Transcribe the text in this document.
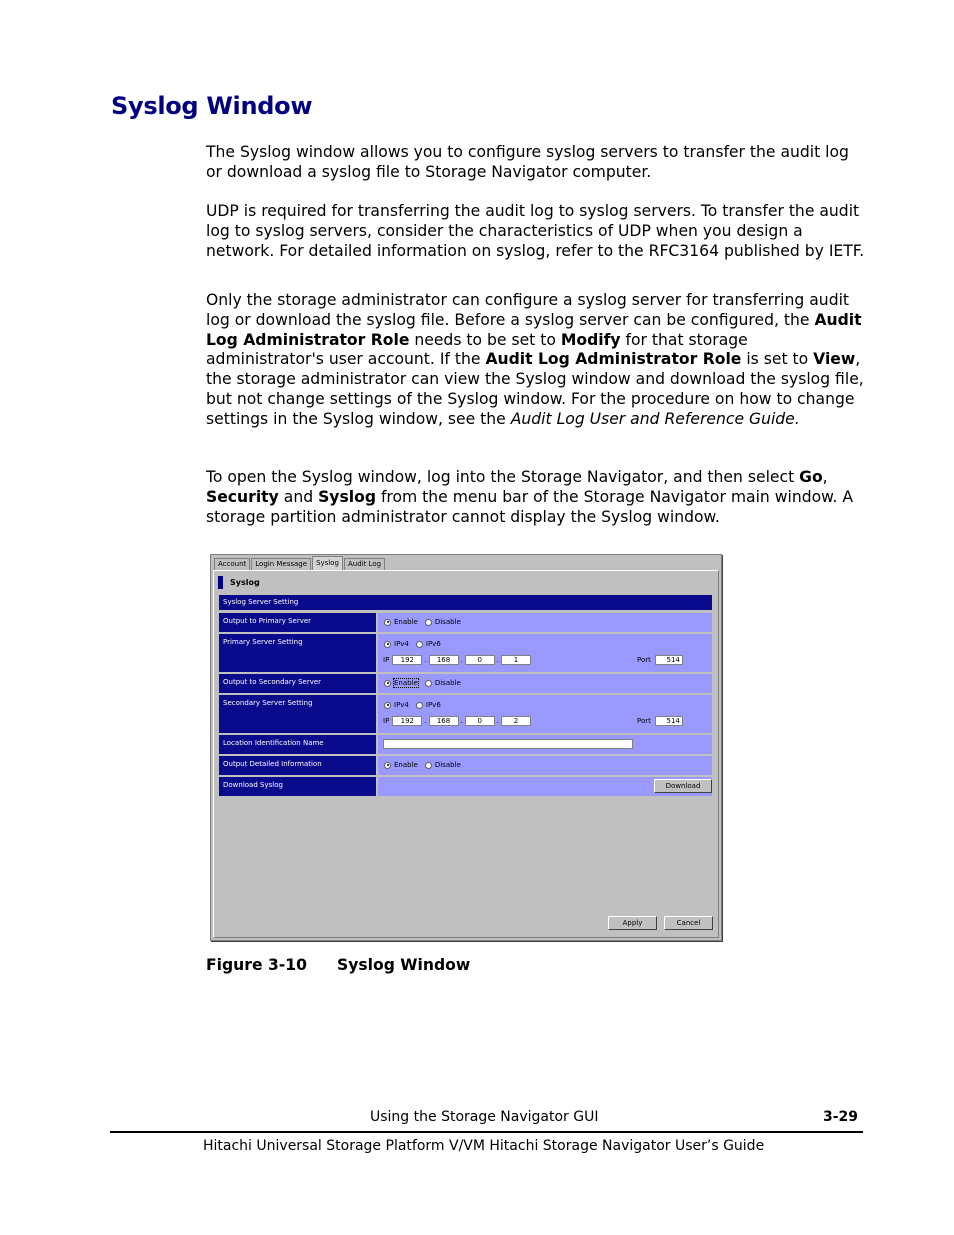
Syslog Window

The Syslog window allows you to configure syslog servers to transfer the audit log or download a syslog file to Storage Navigator computer.

UDP is required for transferring the audit log to syslog servers. To transfer the audit log to syslog servers, consider the characteristics of UDP when you design a network. For detailed information on syslog, refer to the RFC3164 published by IETF.

Only the storage administrator can configure a syslog server for transferring audit log or download the syslog file. Before a syslog server can be configured, the Audit Log Administrator Role needs to be set to Modify for that storage administrator's user account. If the Audit Log Administrator Role is set to View, the storage administrator can view the Syslog window and download the syslog file, but not change settings of the Syslog window. For the procedure on how to change settings in the Syslog window, see the Audit Log User and Reference Guide.

To open the Syslog window, log into the Storage Navigator, and then select Go, Security and Syslog from the menu bar of the Storage Navigator main window. A storage partition administrator cannot display the Syslog window.

Account	Login Message	Syslog	Audit Log
Syslog
Syslog Server Setting
Output to Primary Server	Enable Disable
Primary Server Setting	IPv4 IPv6
IP	192	.	168	.	0	.	1	Port	514
Output to Secondary Server	Enable Disable
Secondary Server Setting	IPv4 IPv6
IP	192	.	168	.	0	.	2	Port	514
Location Identification Name
Output Detailed Information	Enable Disable
Download Syslog	Download
Apply	Cancel

Figure 3-10 Syslog Window

Using the Storage Navigator GUI	3-29
Hitachi Universal Storage Platform V/VM Hitachi Storage Navigator User’s Guide
